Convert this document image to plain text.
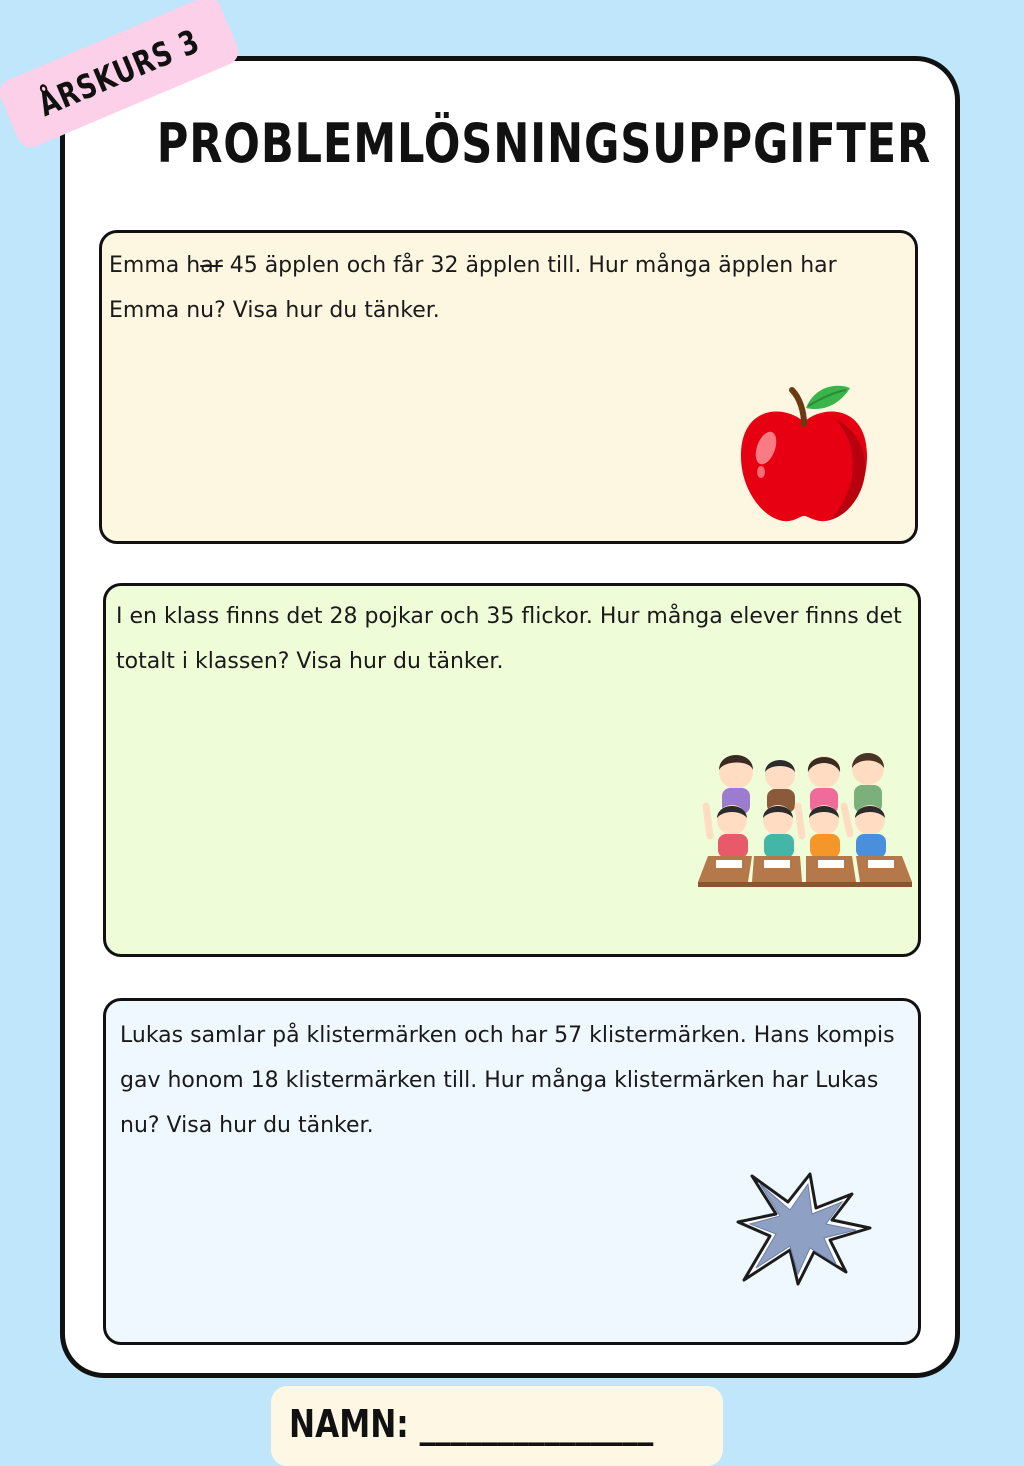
ÅRSKURS 3
PROBLEMLÖSNINGSUPPGIFTER

Emma har 45 äpplen och får 32 äpplen till. Hur många äpplen har Emma nu? Visa hur du tänker.

I en klass finns det 28 pojkar och 35 flickor. Hur många elever finns det totalt i klassen? Visa hur du tänker.

Lukas samlar på klistermärken och har 57 klistermärken. Hans kompis gav honom 18 klistermärken till. Hur många klistermärken har Lukas nu? Visa hur du tänker.

NAMN: _______________
